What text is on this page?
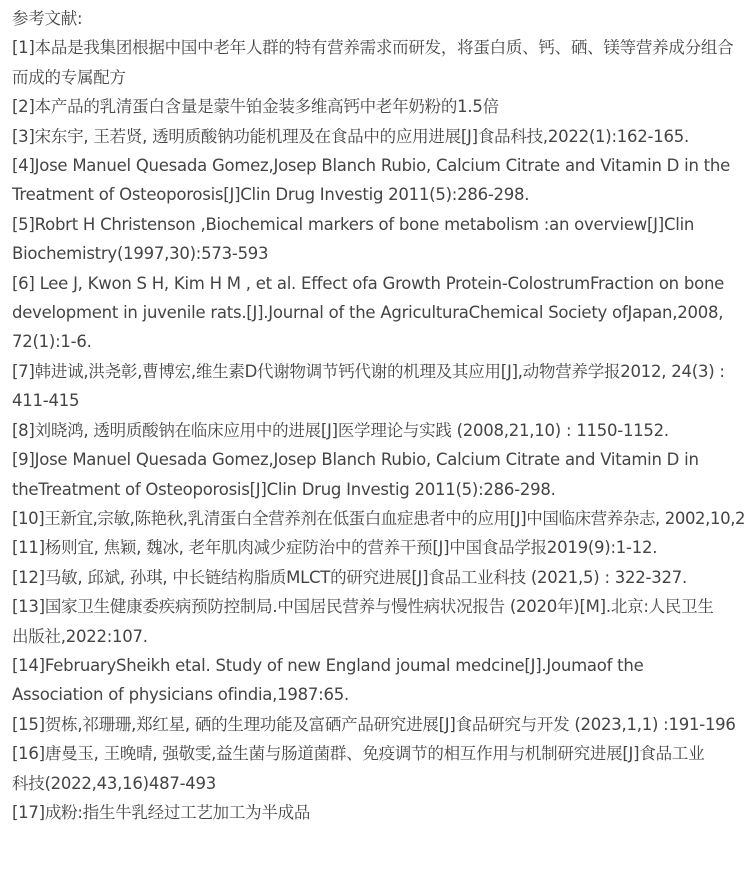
参考文献:
[1]本品是我集团根据中国中老年人群的特有营养需求而研发，将蛋白质、钙、硒、镁等营养成分组合
而成的专属配方
[2]本产品的乳清蛋白含量是蒙牛铂金装多维高钙中老年奶粉的1.5倍
[3]宋东宇, 王若贤, 透明质酸钠功能机理及在食品中的应用进展[J]食品科技,2022(1):162-165.
[4]Jose Manuel Quesada Gomez,Josep Blanch Rubio, Calcium Citrate and Vitamin D in the
Treatment of Osteoporosis[J]Clin Drug Investig 2011(5):286-298.
[5]Robrt H Christenson ,Biochemical markers of bone metabolism :an overview[J]Clin
Biochemistry(1997,30):573-593
[6] Lee J, Kwon S H, Kim H M , et al. Effect ofa Growth Protein-ColostrumFraction on bone
development in juvenile rats.[J].Journal of the AgriculturaChemical Society ofJapan,2008,
72(1):1-6.
[7]韩进诚,洪尧彰,曹博宏,维生素D代谢物调节钙代谢的机理及其应用[J],动物营养学报2012, 24(3) :
411-415
[8]刘晓鸿, 透明质酸钠在临床应用中的进展[J]医学理论与实践 (2008,21,10) : 1150-1152.
[9]Jose Manuel Quesada Gomez,Josep Blanch Rubio, Calcium Citrate and Vitamin D in
theTreatment of Osteoporosis[J]Clin Drug Investig 2011(5):286-298.
[10]王新宜,宗敏,陈艳秋,乳清蛋白全营养剂在低蛋白血症患者中的应用[J]中国临床营养杂志, 2002,10,2
[11]杨则宜, 焦颖, 魏冰, 老年肌肉减少症防治中的营养干预[J]中国食品学报2019(9):1-12.
[12]马敏, 邱斌, 孙琪, 中长链结构脂质MLCT的研究进展[J]食品工业科技 (2021,5) : 322-327.
[13]国家卫生健康委疾病预防控制局.中国居民营养与慢性病状况报告 (2020年)[M].北京:人民卫生
出版社,2022:107.
[14]FebruarySheikh etal. Study of new England joumal medcine[J].Joumaof the
Association of physicians ofindia,1987:65.
[15]贺栋,祁珊珊,郑红星, 硒的生理功能及富硒产品研究进展[J]食品研究与开发 (2023,1,1) :191-196
[16]唐曼玉, 王晚晴, 强敬雯,益生菌与肠道菌群、免疫调节的相互作用与机制研究进展[J]食品工业
科技(2022,43,16)487-493
[17]成粉:指生牛乳经过工艺加工为半成品
